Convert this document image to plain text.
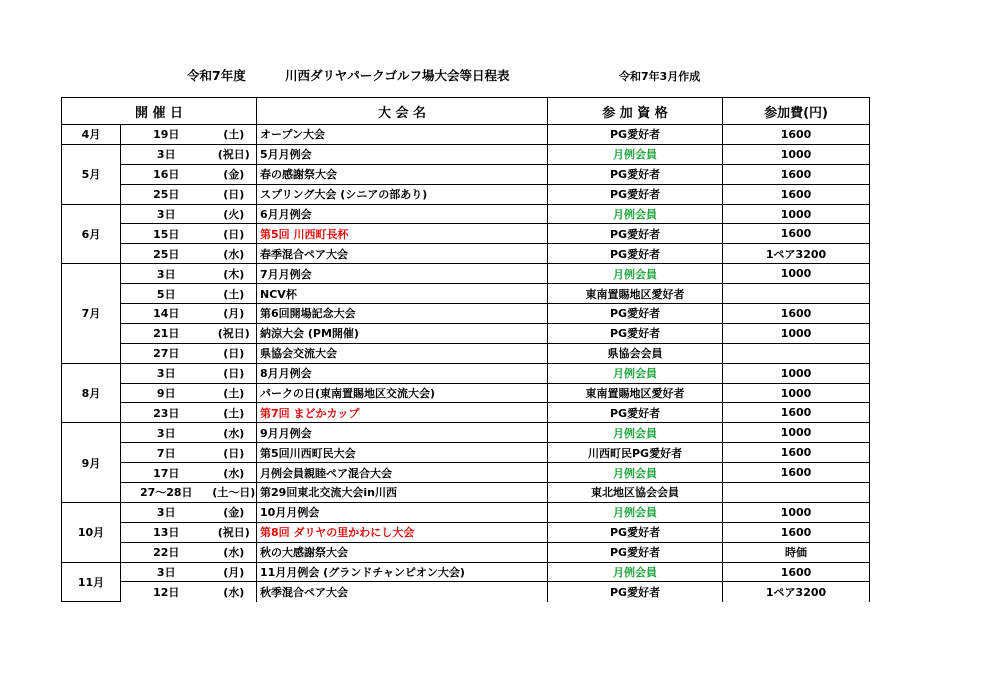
令和7年度	川西ダリヤパークゴルフ場大会等日程表	令和7年3月作成
開 催 日			大 会 名	参 加 資 格	参加費(円)
4月	19日	(土)	オープン大会	PG愛好者	1600
5月	3日	(祝日)	5月月例会	月例会員	1000
	16日	(金)	春の感謝祭大会	PG愛好者	1600
	25日	(日)	スプリング大会 (シニアの部あり)	PG愛好者	1600
6月	3日	(火)	6月月例会	月例会員	1000
	15日	(日)	第5回 川西町長杯	PG愛好者	1600
	25日	(水)	春季混合ペア大会	PG愛好者	1ペア3200
7月	3日	(木)	7月月例会	月例会員	1000
	5日	(土)	NCV杯	東南置賜地区愛好者	
	14日	(月)	第6回開場記念大会	PG愛好者	1600
	21日	(祝日)	納涼大会 (PM開催)	PG愛好者	1000
	27日	(日)	県協会交流大会	県協会会員	
8月	3日	(日)	8月月例会	月例会員	1000
	9日	(土)	パークの日(東南置賜地区交流大会)	東南置賜地区愛好者	1000
	23日	(土)	第7回 まどかカップ	PG愛好者	1600
9月	3日	(水)	9月月例会	月例会員	1000
	7日	(日)	第5回川西町民大会	川西町民PG愛好者	1600
	17日	(水)	月例会員親睦ペア混合大会	月例会員	1600
	27〜28日	(土〜日)	第29回東北交流大会in川西	東北地区協会会員	
10月	3日	(金)	10月月例会	月例会員	1000
	13日	(祝日)	第8回 ダリヤの里かわにし大会	PG愛好者	1600
	22日	(水)	秋の大感謝祭大会	PG愛好者	時価
11月	3日	(月)	11月月例会 (グランドチャンピオン大会)	月例会員	1600
	12日	(水)	秋季混合ペア大会	PG愛好者	1ペア3200
